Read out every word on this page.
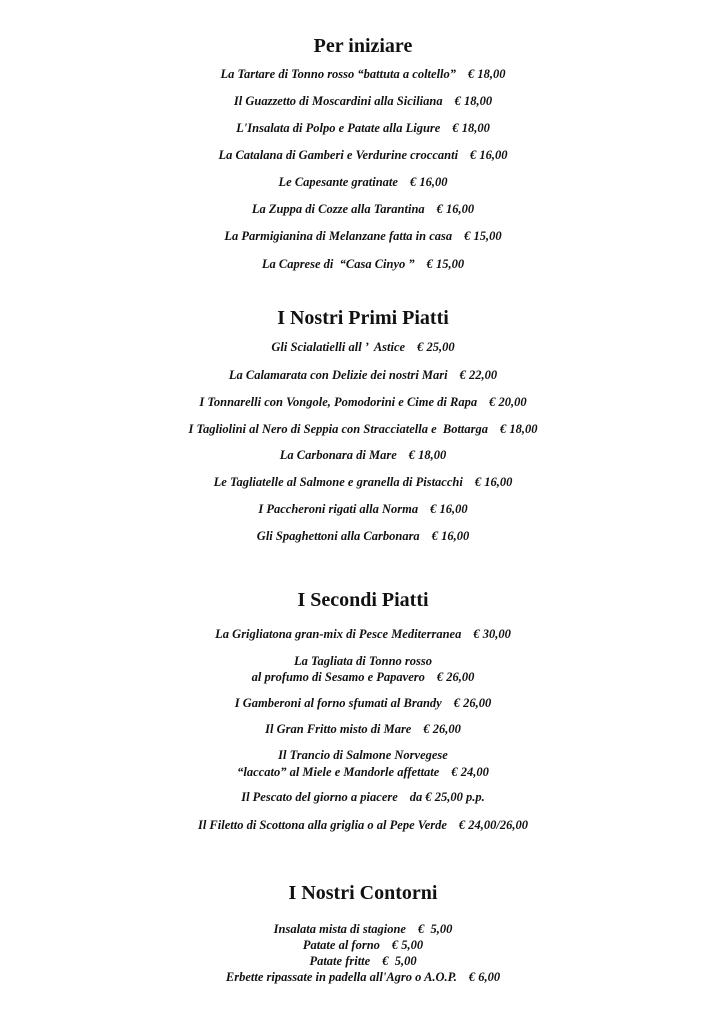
Per iniziare
La Tartare di Tonno rosso “battuta a coltello” € 18,00
Il Guazzetto di Moscardini alla Siciliana € 18,00
L'Insalata di Polpo e Patate alla Ligure € 18,00
La Catalana di Gamberi e Verdurine croccanti € 16,00
Le Capesante gratinate € 16,00
La Zuppa di Cozze alla Tarantina € 16,00
La Parmigianina di Melanzane fatta in casa € 15,00
La Caprese di  “Casa Cinyo ” € 15,00
I Nostri Primi Piatti
Gli Scialatielli all ’  Astice € 25,00
La Calamarata con Delizie dei nostri Mari € 22,00
I Tonnarelli con Vongole, Pomodorini e Cime di Rapa € 20,00
I Tagliolini al Nero di Seppia con Stracciatella e  Bottarga € 18,00
La Carbonara di Mare € 18,00
Le Tagliatelle al Salmone e granella di Pistacchi € 16,00
I Paccheroni rigati alla Norma € 16,00
Gli Spaghettoni alla Carbonara € 16,00
I Secondi Piatti
La Grigliatona gran-mix di Pesce Mediterranea € 30,00
La Tagliata di Tonno rosso
al profumo di Sesamo e Papavero € 26,00
I Gamberoni al forno sfumati al Brandy € 26,00
Il Gran Fritto misto di Mare € 26,00
Il Trancio di Salmone Norvegese
“laccato” al Miele e Mandorle affettate € 24,00
Il Pescato del giorno a piacere da € 25,00 p.p.
Il Filetto di Scottona alla griglia o al Pepe Verde € 24,00/26,00
I Nostri Contorni
Insalata mista di stagione €  5,00
Patate al forno € 5,00
Patate fritte €  5,00
Erbette ripassate in padella all'Agro o A.O.P. € 6,00
